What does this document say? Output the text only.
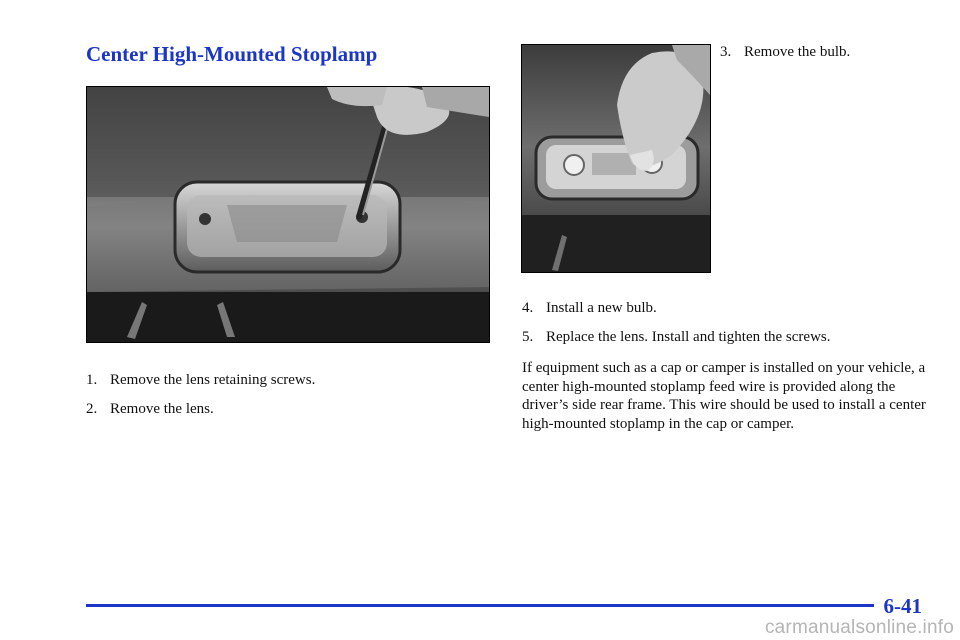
Center High-Mounted Stoplamp

1. Remove the lens retaining screws.

2. Remove the lens.

3. Remove the bulb.

4. Install a new bulb.

5. Replace the lens. Install and tighten the screws.

If equipment such as a cap or camper is installed on your vehicle, a center high‑mounted stoplamp feed wire is provided along the driver’s side rear frame. This wire should be used to install a center high‑mounted stoplamp in the cap or camper.

6-41
carmanualsonline.info
